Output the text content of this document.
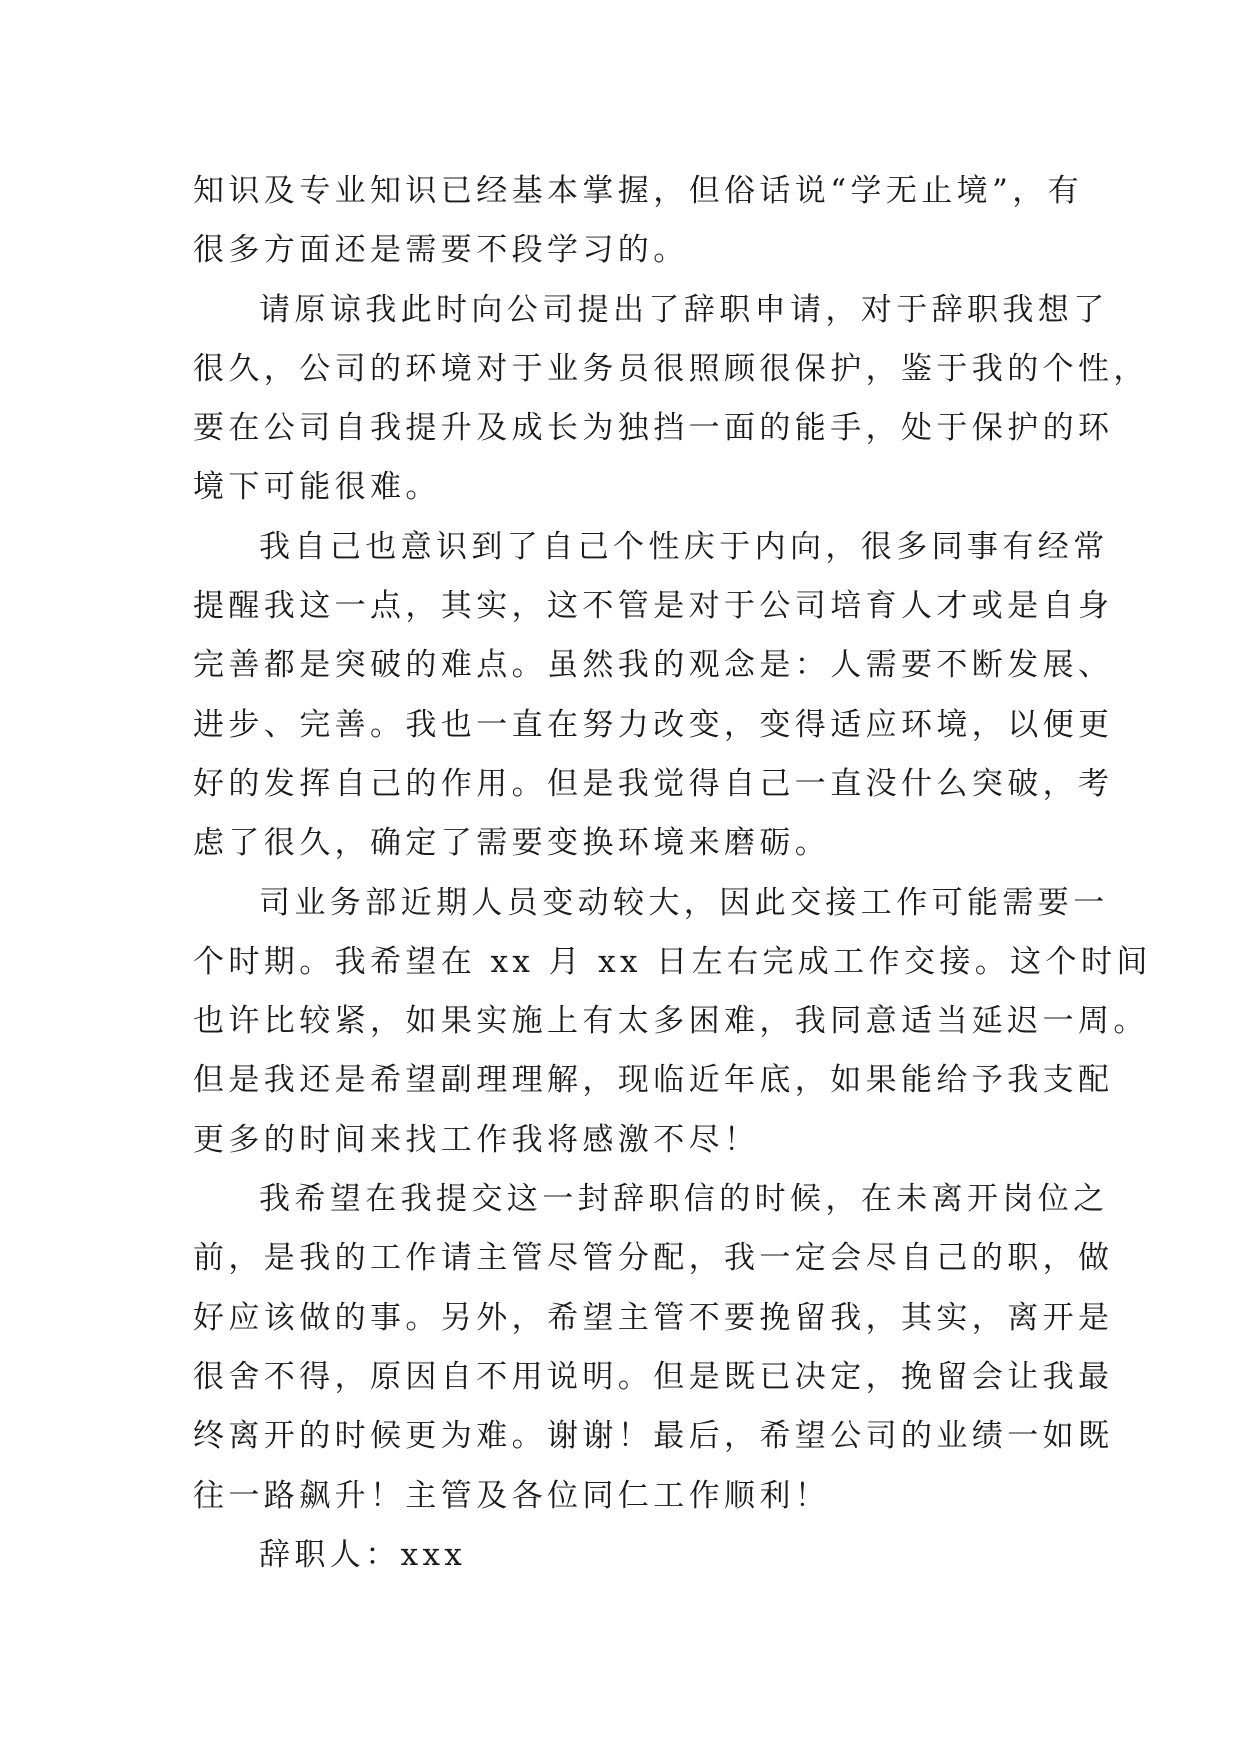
知识及专业知识已经基本掌握，但俗话说“学无止境”，有
很多方面还是需要不段学习的。
请原谅我此时向公司提出了辞职申请，对于辞职我想了
很久，公司的环境对于业务员很照顾很保护，鉴于我的个性，
要在公司自我提升及成长为独挡一面的能手，处于保护的环
境下可能很难。
我自己也意识到了自己个性庆于内向，很多同事有经常
提醒我这一点，其实，这不管是对于公司培育人才或是自身
完善都是突破的难点。虽然我的观念是：人需要不断发展、
进步、完善。我也一直在努力改变，变得适应环境，以便更
好的发挥自己的作用。但是我觉得自己一直没什么突破，考
虑了很久，确定了需要变换环境来磨砺。
司业务部近期人员变动较大，因此交接工作可能需要一
个时期。我希望在 xx 月 xx 日左右完成工作交接。这个时间
也许比较紧，如果实施上有太多困难，我同意适当延迟一周。
但是我还是希望副理理解，现临近年底，如果能给予我支配
更多的时间来找工作我将感激不尽！
我希望在我提交这一封辞职信的时候，在未离开岗位之
前，是我的工作请主管尽管分配，我一定会尽自己的职，做
好应该做的事。另外，希望主管不要挽留我，其实，离开是
很舍不得，原因自不用说明。但是既已决定，挽留会让我最
终离开的时候更为难。谢谢！最后，希望公司的业绩一如既
往一路飙升！主管及各位同仁工作顺利！
辞职人：xxx
